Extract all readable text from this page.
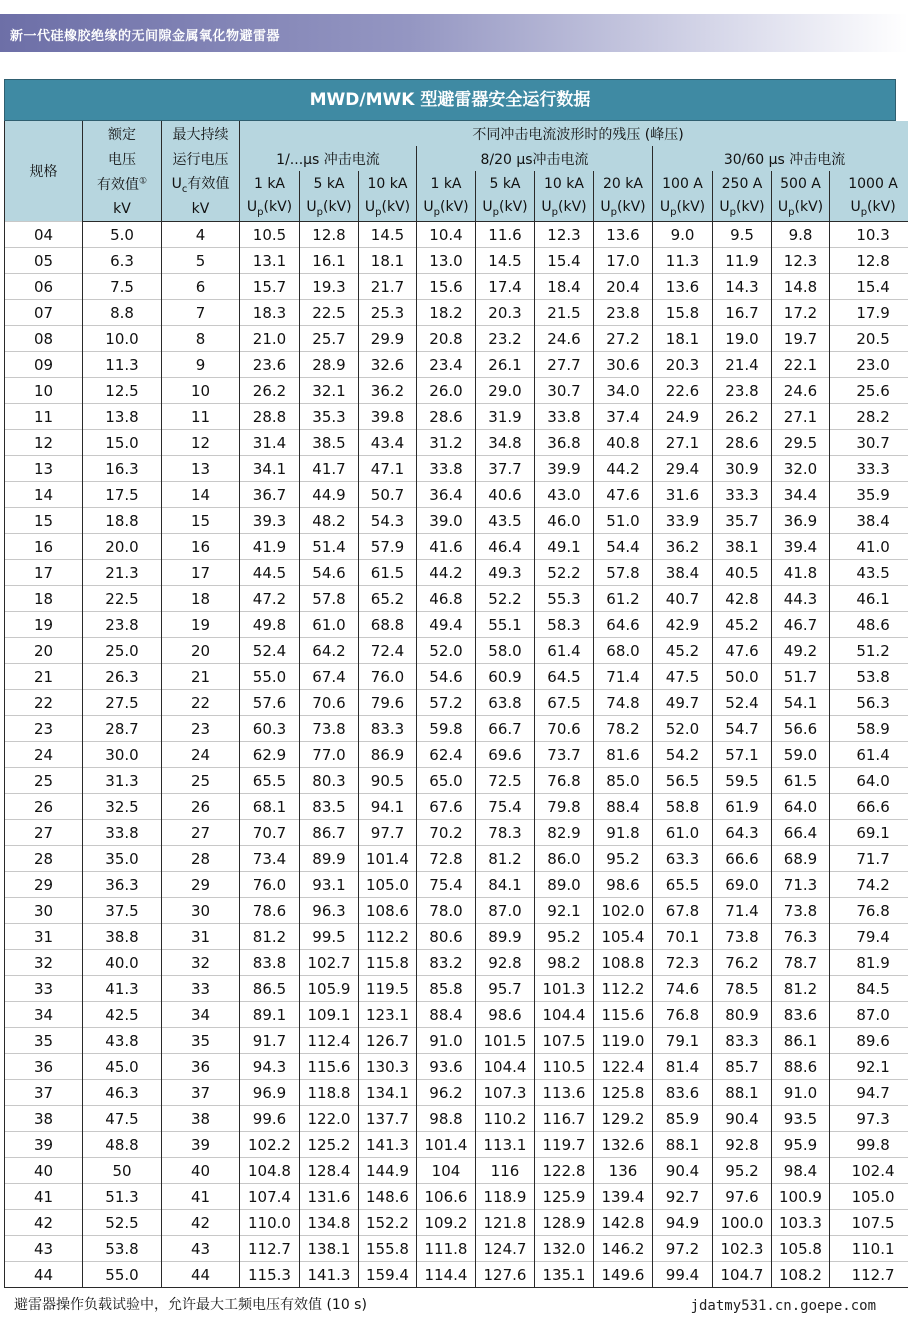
新一代硅橡胶绝缘的无间隙金属氧化物避雷器
MWD/MWK 型避雷器安全运行数据
规格	额定	最大持续	不同冲击电流波形时的残压 (峰压)										
	电压	运行电压	1/...µs 冲击电流			8/20 µs冲击电流				30/60 µs 冲击电流			
	有效值①	$U_c$有效值	1 kA	5 kA	10 kA	1 kA	5 kA	10 kA	20 kA	100 A	250 A	500 A	1000 A
	kV	kV	$U_p(kV)$	$U_p(kV)$	$U_p(kV)$	$U_p(kV)$	$U_p(kV)$	$U_p(kV)$	$U_p(kV)$	$U_p(kV)$	$U_p(kV)$	$U_p(kV)$	$U_p(kV)$
04	5.0	4	10.5	12.8	14.5	10.4	11.6	12.3	13.6	9.0	9.5	9.8	10.3
05	6.3	5	13.1	16.1	18.1	13.0	14.5	15.4	17.0	11.3	11.9	12.3	12.8
06	7.5	6	15.7	19.3	21.7	15.6	17.4	18.4	20.4	13.6	14.3	14.8	15.4
07	8.8	7	18.3	22.5	25.3	18.2	20.3	21.5	23.8	15.8	16.7	17.2	17.9
08	10.0	8	21.0	25.7	29.9	20.8	23.2	24.6	27.2	18.1	19.0	19.7	20.5
09	11.3	9	23.6	28.9	32.6	23.4	26.1	27.7	30.6	20.3	21.4	22.1	23.0
10	12.5	10	26.2	32.1	36.2	26.0	29.0	30.7	34.0	22.6	23.8	24.6	25.6
11	13.8	11	28.8	35.3	39.8	28.6	31.9	33.8	37.4	24.9	26.2	27.1	28.2
12	15.0	12	31.4	38.5	43.4	31.2	34.8	36.8	40.8	27.1	28.6	29.5	30.7
13	16.3	13	34.1	41.7	47.1	33.8	37.7	39.9	44.2	29.4	30.9	32.0	33.3
14	17.5	14	36.7	44.9	50.7	36.4	40.6	43.0	47.6	31.6	33.3	34.4	35.9
15	18.8	15	39.3	48.2	54.3	39.0	43.5	46.0	51.0	33.9	35.7	36.9	38.4
16	20.0	16	41.9	51.4	57.9	41.6	46.4	49.1	54.4	36.2	38.1	39.4	41.0
17	21.3	17	44.5	54.6	61.5	44.2	49.3	52.2	57.8	38.4	40.5	41.8	43.5
18	22.5	18	47.2	57.8	65.2	46.8	52.2	55.3	61.2	40.7	42.8	44.3	46.1
19	23.8	19	49.8	61.0	68.8	49.4	55.1	58.3	64.6	42.9	45.2	46.7	48.6
20	25.0	20	52.4	64.2	72.4	52.0	58.0	61.4	68.0	45.2	47.6	49.2	51.2
21	26.3	21	55.0	67.4	76.0	54.6	60.9	64.5	71.4	47.5	50.0	51.7	53.8
22	27.5	22	57.6	70.6	79.6	57.2	63.8	67.5	74.8	49.7	52.4	54.1	56.3
23	28.7	23	60.3	73.8	83.3	59.8	66.7	70.6	78.2	52.0	54.7	56.6	58.9
24	30.0	24	62.9	77.0	86.9	62.4	69.6	73.7	81.6	54.2	57.1	59.0	61.4
25	31.3	25	65.5	80.3	90.5	65.0	72.5	76.8	85.0	56.5	59.5	61.5	64.0
26	32.5	26	68.1	83.5	94.1	67.6	75.4	79.8	88.4	58.8	61.9	64.0	66.6
27	33.8	27	70.7	86.7	97.7	70.2	78.3	82.9	91.8	61.0	64.3	66.4	69.1
28	35.0	28	73.4	89.9	101.4	72.8	81.2	86.0	95.2	63.3	66.6	68.9	71.7
29	36.3	29	76.0	93.1	105.0	75.4	84.1	89.0	98.6	65.5	69.0	71.3	74.2
30	37.5	30	78.6	96.3	108.6	78.0	87.0	92.1	102.0	67.8	71.4	73.8	76.8
31	38.8	31	81.2	99.5	112.2	80.6	89.9	95.2	105.4	70.1	73.8	76.3	79.4
32	40.0	32	83.8	102.7	115.8	83.2	92.8	98.2	108.8	72.3	76.2	78.7	81.9
33	41.3	33	86.5	105.9	119.5	85.8	95.7	101.3	112.2	74.6	78.5	81.2	84.5
34	42.5	34	89.1	109.1	123.1	88.4	98.6	104.4	115.6	76.8	80.9	83.6	87.0
35	43.8	35	91.7	112.4	126.7	91.0	101.5	107.5	119.0	79.1	83.3	86.1	89.6
36	45.0	36	94.3	115.6	130.3	93.6	104.4	110.5	122.4	81.4	85.7	88.6	92.1
37	46.3	37	96.9	118.8	134.1	96.2	107.3	113.6	125.8	83.6	88.1	91.0	94.7
38	47.5	38	99.6	122.0	137.7	98.8	110.2	116.7	129.2	85.9	90.4	93.5	97.3
39	48.8	39	102.2	125.2	141.3	101.4	113.1	119.7	132.6	88.1	92.8	95.9	99.8
40	50	40	104.8	128.4	144.9	104	116	122.8	136	90.4	95.2	98.4	102.4
41	51.3	41	107.4	131.6	148.6	106.6	118.9	125.9	139.4	92.7	97.6	100.9	105.0
42	52.5	42	110.0	134.8	152.2	109.2	121.8	128.9	142.8	94.9	100.0	103.3	107.5
43	53.8	43	112.7	138.1	155.8	111.8	124.7	132.0	146.2	97.2	102.3	105.8	110.1
44	55.0	44	115.3	141.3	159.4	114.4	127.6	135.1	149.6	99.4	104.7	108.2	112.7
避雷器操作负载试验中，允许最大工频电压有效值 (10 s)	jdatmy531.cn.goepe.com
